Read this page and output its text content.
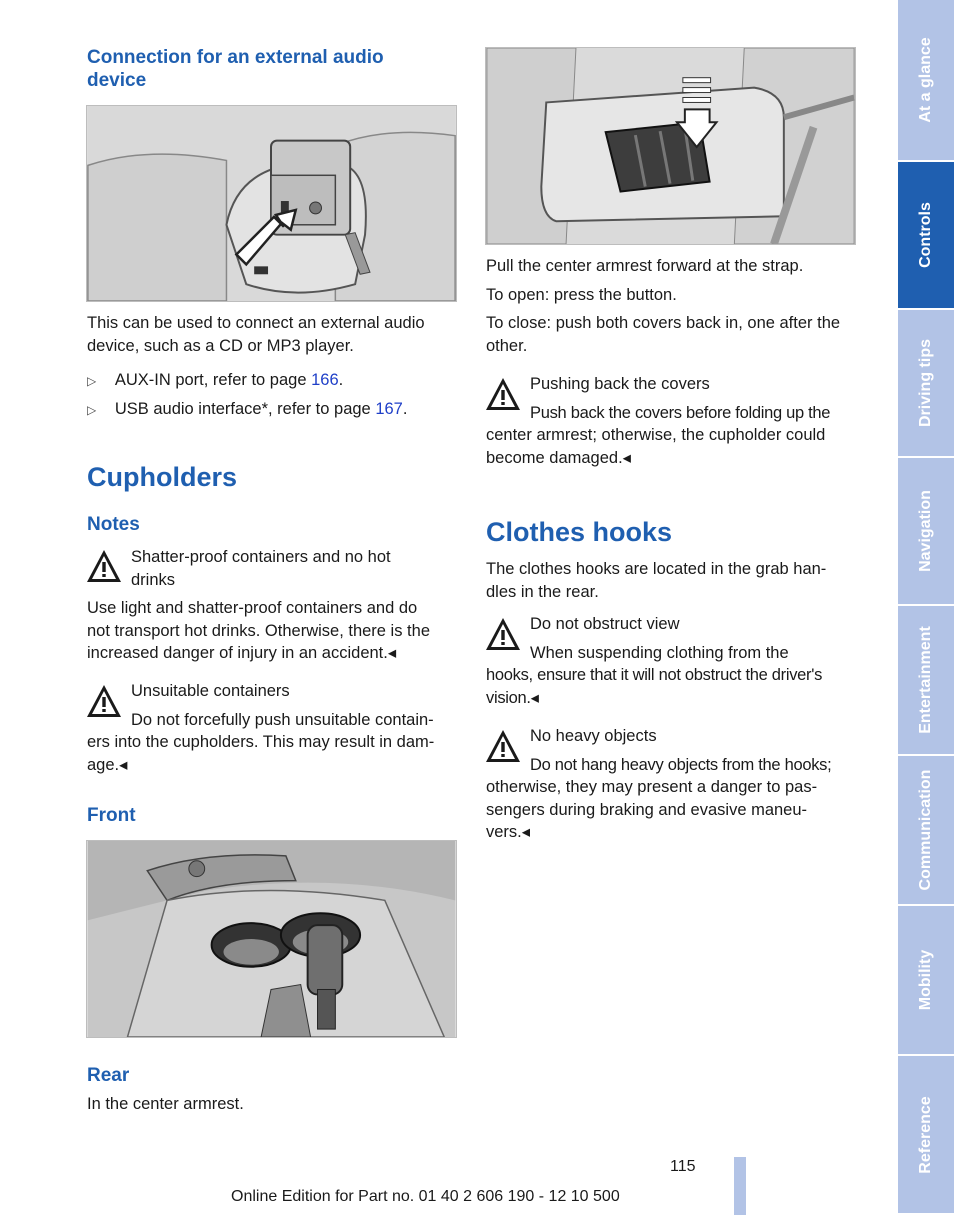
Connection for an external audio
device
This can be used to connect an external audio
device, such as a CD or MP3 player.
▷ AUX-IN port, refer to page 166.
▷ USB audio interface*, refer to page 167.
Cupholders
Notes
Shatter-proof containers and no hot
drinks
Use light and shatter-proof containers and do
not transport hot drinks. Otherwise, there is the
increased danger of injury in an accident.◂
Unsuitable containers
Do not forcefully push unsuitable contain‐
ers into the cupholders. This may result in dam‐
age.◂
Front
Rear
In the center armrest.
Pull the center armrest forward at the strap.
To open: press the button.
To close: push both covers back in, one after the
other.
Pushing back the covers
Push back the covers before folding up the
center armrest; otherwise, the cupholder could
become damaged.◂
Clothes hooks
The clothes hooks are located in the grab han‐
dles in the rear.
Do not obstruct view
When suspending clothing from the
hooks, ensure that it will not obstruct the driver's
vision.◂
No heavy objects
Do not hang heavy objects from the hooks;
otherwise, they may present a danger to pas‐
sengers during braking and evasive maneu‐
vers.◂
115
Online Edition for Part no. 01 40 2 606 190 - 12 10 500
At a glance
Controls
Driving tips
Navigation
Entertainment
Communication
Mobility
Reference
